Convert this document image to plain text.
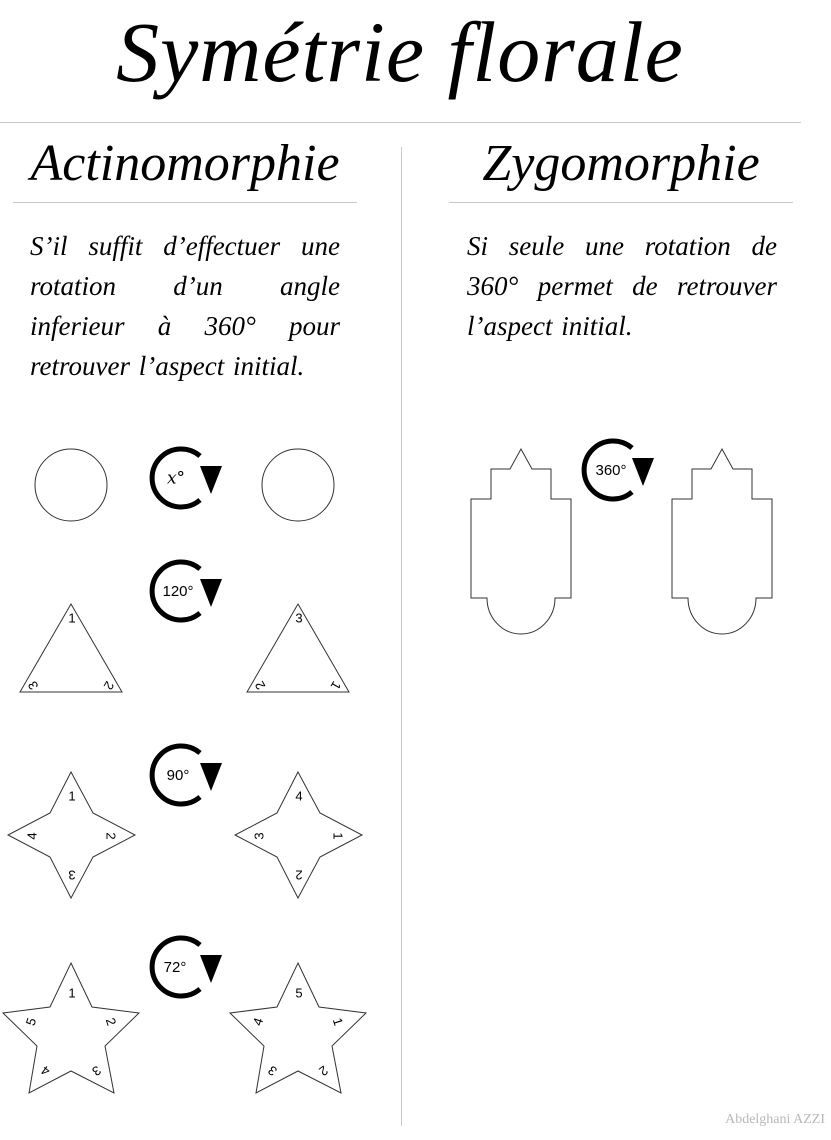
Symétrie florale
Actinomorphie
S’il suffit d’effectuer une rotation d’un angle inferieur à 360° pour retrouver l’aspect initial.
Zygomorphie
Si seule une rotation de 360° permet de retrouver l’aspect initial.
x°
120°
1
2
3
3
1
2
90°
1
2
3
4
4
1
2
3
72°
1
2
3
4
5
5
1
2
3
4
360°
Abdelghani AZZI
